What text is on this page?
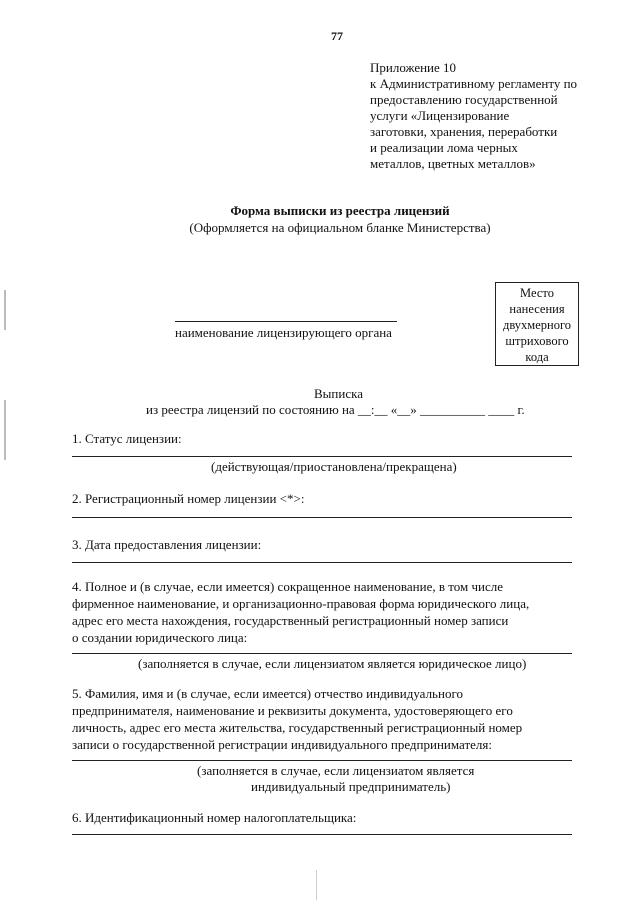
77
Приложение 10
к Административному регламенту по
предоставлению государственной
услуги «Лицензирование
заготовки, хранения, переработки
и реализации лома черных
металлов, цветных металлов»
Форма выписки из реестра лицензий
(Оформляется на официальном бланке Министерства)
наименование лицензирующего органа
Место
нанесения
двухмерного
штрихового
кода
Выписка
из реестра лицензий по состоянию на __:__ «__» __________ ____ г.
1. Статус лицензии:
(действующая/приостановлена/прекращена)
2. Регистрационный номер лицензии <*>:
3. Дата предоставления лицензии:
4. Полное и (в случае, если имеется) сокращенное наименование, в том числе
фирменное наименование, и организационно-правовая форма юридического лица,
адрес его места нахождения, государственный регистрационный номер записи
о создании юридического лица:
(заполняется в случае, если лицензиатом является юридическое лицо)
5. Фамилия, имя и (в случае, если имеется) отчество индивидуального
предпринимателя, наименование и реквизиты документа, удостоверяющего его
личность, адрес его места жительства, государственный регистрационный номер
записи о государственной регистрации индивидуального предпринимателя:
(заполняется в случае, если лицензиатом является
индивидуальный предприниматель)
6. Идентификационный номер налогоплательщика:
